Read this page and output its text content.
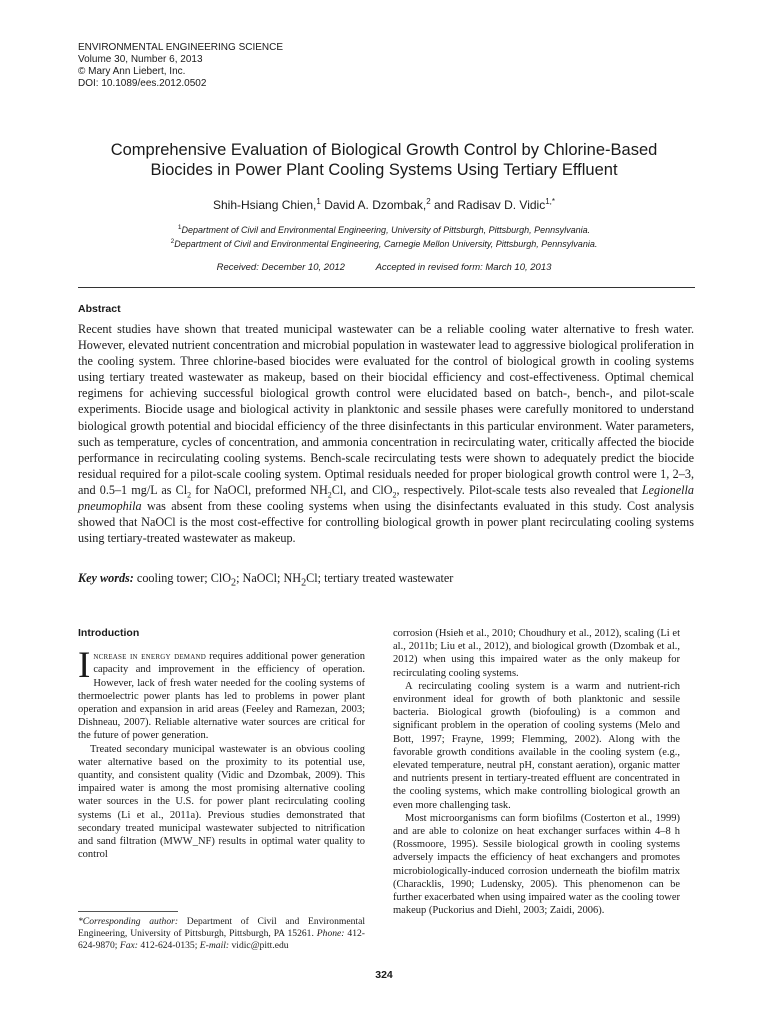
ENVIRONMENTAL ENGINEERING SCIENCE
Volume 30, Number 6, 2013
© Mary Ann Liebert, Inc.
DOI: 10.1089/ees.2012.0502
Comprehensive Evaluation of Biological Growth Control by Chlorine-Based
Biocides in Power Plant Cooling Systems Using Tertiary Effluent
Shih-Hsiang Chien,$^1$ David A. Dzombak,$^2$ and Radisav D. Vidic$^{1,*}$
$^1$Department of Civil and Environmental Engineering, University of Pittsburgh, Pittsburgh, Pennsylvania.
$^2$Department of Civil and Environmental Engineering, Carnegie Mellon University, Pittsburgh, Pennsylvania.
Received: December 10, 2012	Accepted in revised form: March 10, 2013
Abstract
Recent studies have shown that treated municipal wastewater can be a reliable cooling water alternative to fresh water. However, elevated nutrient concentration and microbial population in wastewater lead to aggressive biological proliferation in the cooling system. Three chlorine-based biocides were evaluated for the control of biological growth in cooling systems using tertiary treated wastewater as makeup, based on their biocidal efficiency and cost-effectiveness. Optimal chemical regimens for achieving successful biological growth control were elucidated based on batch-, bench-, and pilot-scale experiments. Biocide usage and biological activity in planktonic and sessile phases were carefully monitored to understand biological growth potential and biocidal efficiency of the three disinfectants in this particular environment. Water parameters, such as temperature, cycles of concentration, and ammonia concentration in recirculating water, critically affected the biocide performance in recirculating cooling systems. Bench-scale recirculating tests were shown to adequately predict the biocide residual required for a pilot-scale cooling system. Optimal residuals needed for proper biological growth control were 1, 2–3, and 0.5–1 mg/L as $Cl_2$ for NaOCl, preformed $NH_2Cl$, and ClO$_2$, respectively. Pilot-scale tests also revealed that Legionella pneumophila was absent from these cooling systems when using the disinfectants evaluated in this study. Cost analysis showed that NaOCl is the most cost-effective for controlling biological growth in power plant recirculating cooling systems using tertiary-treated wastewater as makeup.
Key words: cooling tower; ClO$_2$; NaOCl; $NH_2Cl$; tertiary treated wastewater
Introduction

Increase in energy demand requires additional power generation capacity and improvement in the efficiency of operation. However, lack of fresh water needed for the cooling systems of thermoelectric power plants has led to problems in power plant operation and expansion in arid areas (Feeley and Ramezan, 2003; Dishneau, 2007). Reliable alternative water sources are critical for the future of power generation.

Treated secondary municipal wastewater is an obvious cooling water alternative based on the proximity to its potential use, quantity, and consistent quality (Vidic and Dzombak, 2009). This impaired water is among the most promising alternative cooling water sources in the U.S. for power plant recirculating cooling systems (Li et al., 2011a). Previous studies demonstrated that secondary treated municipal wastewater subjected to nitrification and sand filtration (MWW_NF) results in optimal water quality to control

corrosion (Hsieh et al., 2010; Choudhury et al., 2012), scaling (Li et al., 2011b; Liu et al., 2012), and biological growth (Dzombak et al., 2012) when using this impaired water as the only makeup for recirculating cooling systems.

A recirculating cooling system is a warm and nutrient-rich environment ideal for growth of both planktonic and sessile bacteria. Biological growth (biofouling) is a common and significant problem in the operation of cooling systems (Melo and Bott, 1997; Frayne, 1999; Flemming, 2002). Along with the favorable growth conditions available in the cooling system (e.g., elevated temperature, neutral pH, constant aeration), organic matter and nutrients present in tertiary-treated effluent are concentrated in the cooling systems, which make controlling biological growth an even more challenging task.

Most microorganisms can form biofilms (Costerton et al., 1999) and are able to colonize on heat exchanger surfaces within 4–8 h (Rossmoore, 1995). Sessile biological growth in cooling systems adversely impacts the efficiency of heat exchangers and promotes microbiologically-induced corrosion underneath the biofilm matrix (Characklis, 1990; Ludensky, 2005). This phenomenon can be further exacerbated when using impaired water as the cooling tower makeup (Puckorius and Diehl, 2003; Zaidi, 2006).

*Corresponding author: Department of Civil and Environmental Engineering, University of Pittsburgh, Pittsburgh, PA 15261. Phone: 412-624-9870; Fax: 412-624-0135; E-mail: vidic@pitt.edu

324
